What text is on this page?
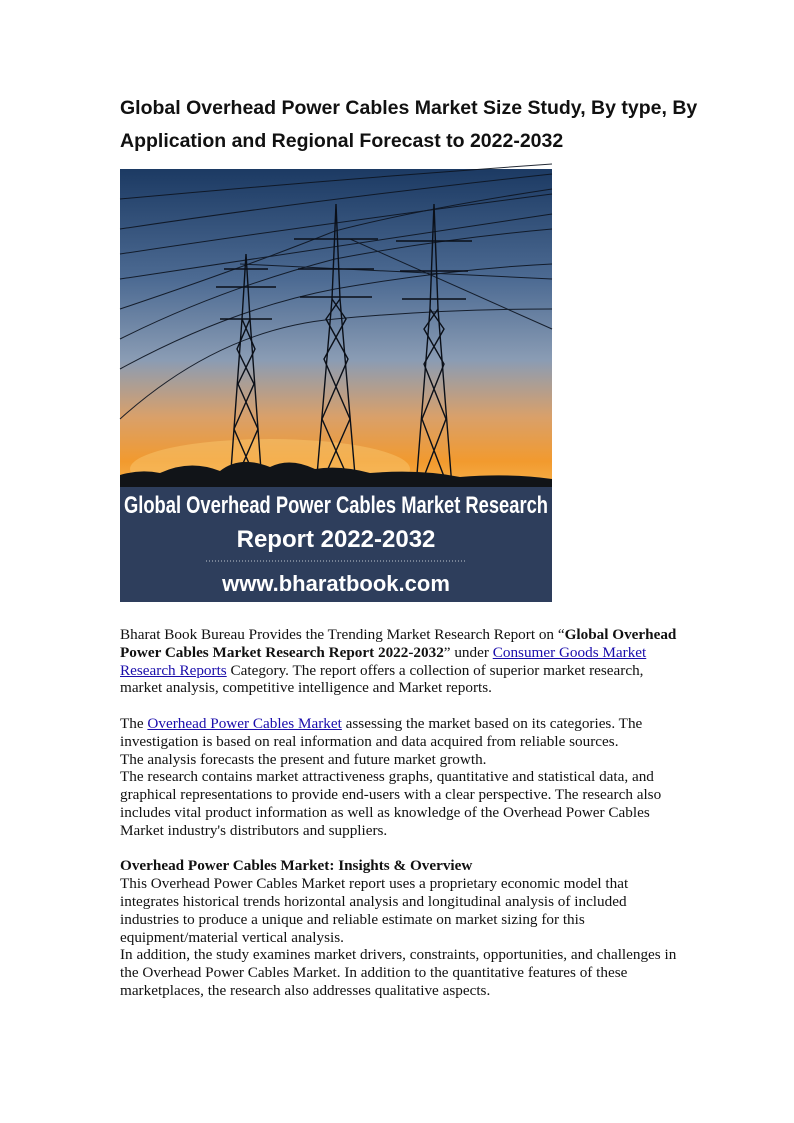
Global Overhead Power Cables Market Size Study, By type, By Application and Regional Forecast to 2022-2032
Global Overhead Power Cables Market Research
Report 2022-2032
www.bharatbook.com

Bharat Book Bureau Provides the Trending Market Research Report on “Global Overhead Power Cables Market Research Report 2022-2032” under Consumer Goods Market Research Reports Category. The report offers a collection of superior market research, market analysis, competitive intelligence and Market reports.

The Overhead Power Cables Market assessing the market based on its categories. The investigation is based on real information and data acquired from reliable sources.

The analysis forecasts the present and future market growth.

The research contains market attractiveness graphs, quantitative and statistical data, and graphical representations to provide end-users with a clear perspective. The research also includes vital product information as well as knowledge of the Overhead Power Cables Market industry's distributors and suppliers.

Overhead Power Cables Market: Insights & Overview

This Overhead Power Cables Market report uses a proprietary economic model that integrates historical trends horizontal analysis and longitudinal analysis of included industries to produce a unique and reliable estimate on market sizing for this equipment/material vertical analysis.

In addition, the study examines market drivers, constraints, opportunities, and challenges in the Overhead Power Cables Market. In addition to the quantitative features of these marketplaces, the research also addresses qualitative aspects.
